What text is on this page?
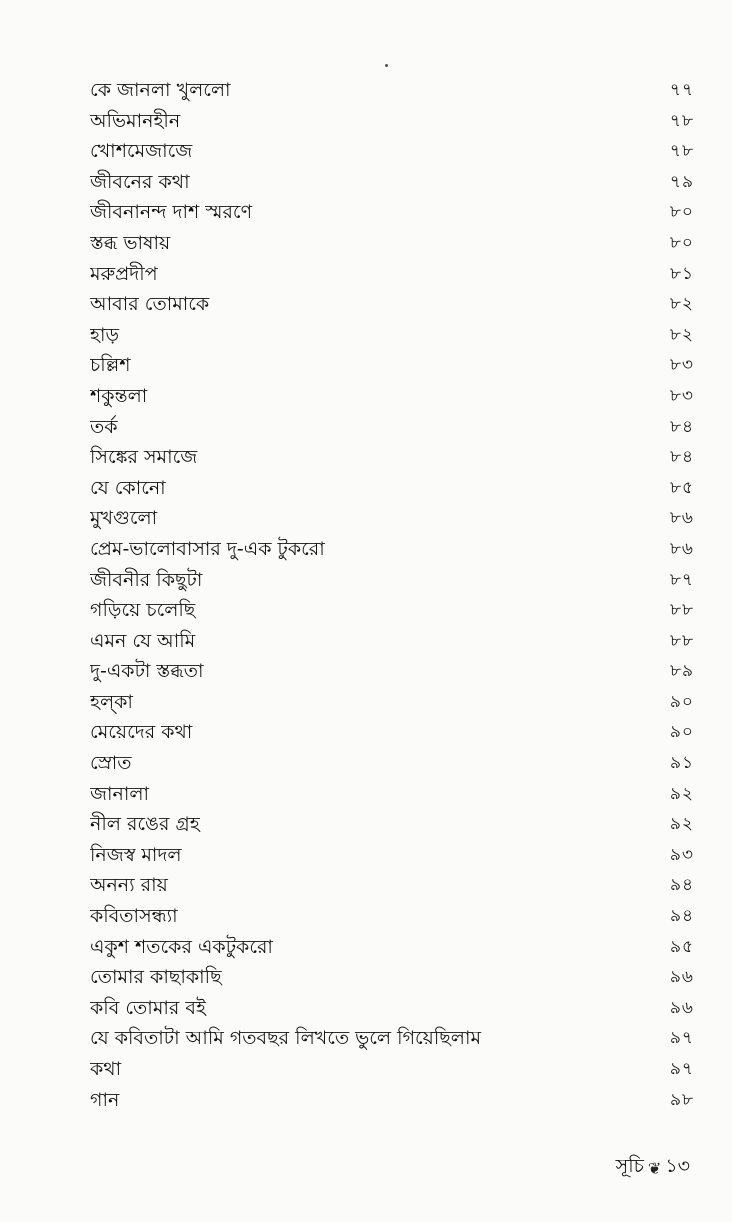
কে জানলা খুললো	৭৭
অভিমানহীন	৭৮
খোশমেজাজে	৭৮
জীবনের কথা	৭৯
জীবনানন্দ দাশ স্মরণে	৮০
স্তব্ধ ভাষায়	৮০
মরুপ্রদীপ	৮১
আবার তোমাকে	৮২
হাড়	৮২
চল্লিশ	৮৩
শকুন্তলা	৮৩
তর্ক	৮৪
সিঙ্কের সমাজে	৮৪
যে কোনো	৮৫
মুখগুলো	৮৬
প্রেম-ভালোবাসার দু-এক টুকরো	৮৬
জীবনীর কিছুটা	৮৭
গড়িয়ে চলেছি	৮৮
এমন যে আমি	৮৮
দু-একটা স্তব্ধতা	৮৯
হল্‌কা	৯০
মেয়েদের কথা	৯০
স্রোত	৯১
জানালা	৯২
নীল রঙের গ্রহ	৯২
নিজস্ব মাদল	৯৩
অনন্য রায়	৯৪
কবিতাসন্ধ্যা	৯৪
একুশ শতকের একটুকরো	৯৫
তোমার কাছাকাছি	৯৬
কবি তোমার বই	৯৬
যে কবিতাটা আমি গতবছর লিখতে ভুলে গিয়েছিলাম	৯৭
কথা	৯৭
গান	৯৮
সূচি ❦ ১৩
